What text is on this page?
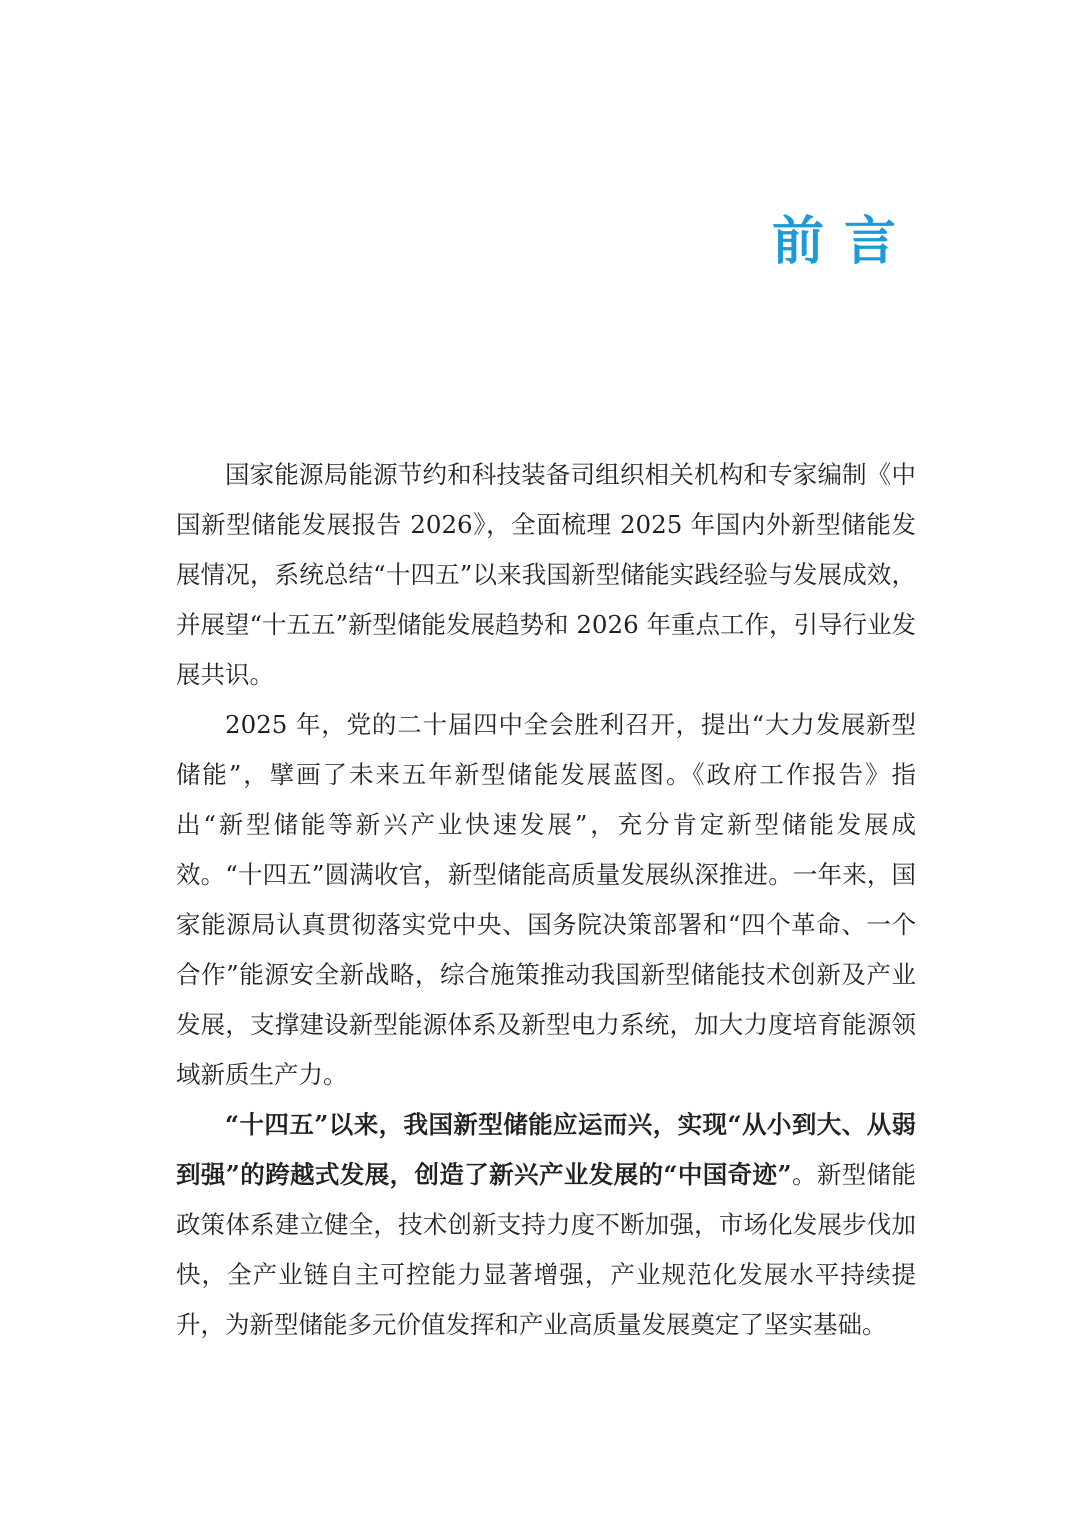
前言

国家能源局能源节约和科技装备司组织相关机构和专家编制《中国新型储能发展报告 2026》，全面梳理 2025 年国内外新型储能发展情况，系统总结“十四五”以来我国新型储能实践经验与发展成效，并展望“十五五”新型储能发展趋势和 2026 年重点工作，引导行业发展共识。

2025 年，党的二十届四中全会胜利召开，提出“大力发展新型储能”，擘画了未来五年新型储能发展蓝图。《政府工作报告》指出“新型储能等新兴产业快速发展”，充分肯定新型储能发展成效。“十四五”圆满收官，新型储能高质量发展纵深推进。一年来，国家能源局认真贯彻落实党中央、国务院决策部署和“四个革命、一个合作”能源安全新战略，综合施策推动我国新型储能技术创新及产业发展，支撑建设新型能源体系及新型电力系统，加大力度培育能源领域新质生产力。

“十四五”以来，我国新型储能应运而兴，实现“从小到大、从弱到强”的跨越式发展，创造了新兴产业发展的“中国奇迹”。新型储能政策体系建立健全，技术创新支持力度不断加强，市场化发展步伐加快，全产业链自主可控能力显著增强，产业规范化发展水平持续提升，为新型储能多元价值发挥和产业高质量发展奠定了坚实基础。
